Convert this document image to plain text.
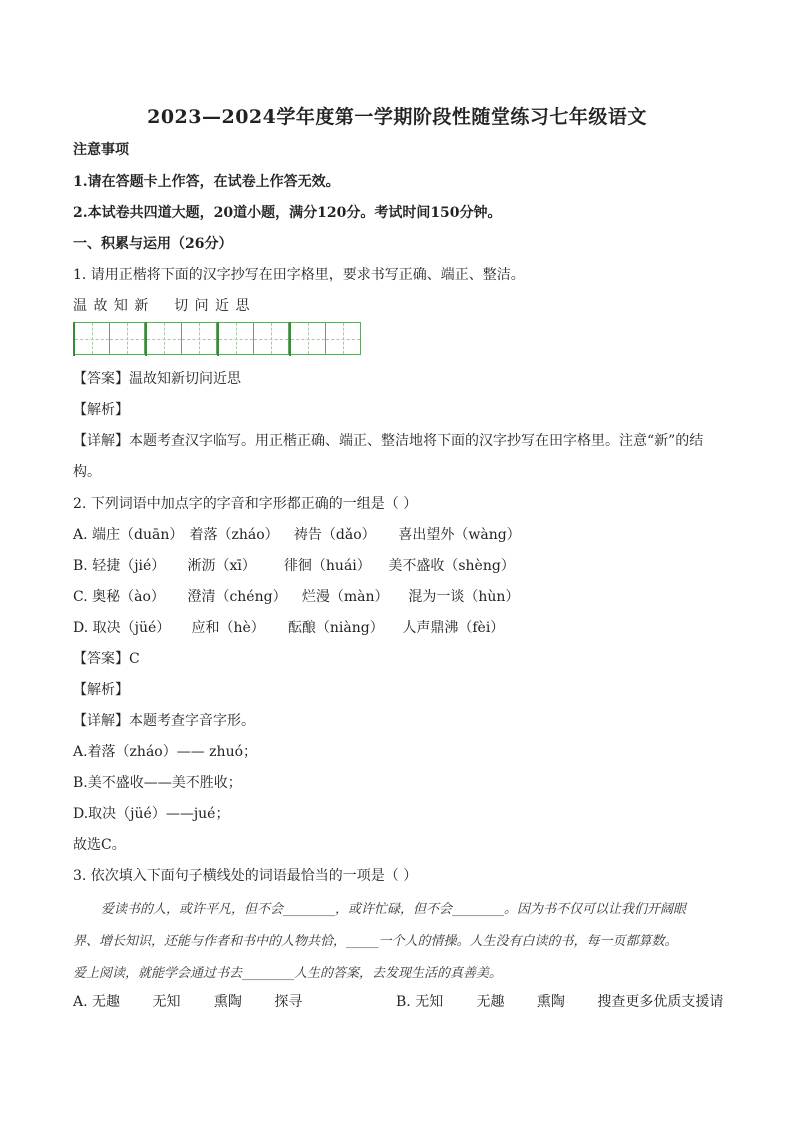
2023—2024学年度第一学期阶段性随堂练习七年级语文
注意事项
1.请在答题卡上作答，在试卷上作答无效。
2.本试卷共四道大题，20道小题，满分120分。考试时间150分钟。
一、积累与运用（26分）
1. 请用正楷将下面的汉字抄写在田字格里，要求书写正确、端正、整洁。
温 故 知 新    切 问 近 思
【答案】温故知新切问近思
【解析】
【详解】本题考查汉字临写。用正楷正确、端正、整洁地将下面的汉字抄写在田字格里。注意“新”的结
构。
2. 下列词语中加点字的字音和字形都正确的一组是（ ）
A. 端庄（duān） 着落（zháo） 祷告（dǎo） 喜出望外（wàng）
B. 轻捷（jié） 淅沥（xī） 徘徊（huái） 美不盛收（shèng）
C. 奥秘（ào） 澄清（chéng） 烂漫（màn） 混为一谈（hùn）
D. 取决（jüé） 应和（hè） 酝酿（niàng） 人声鼎沸（fèi）
【答案】C
【解析】
【详解】本题考查字音字形。
A.着落（zháo）—— zhuó；
B.美不盛收——美不胜收；
D.取决（jüé）——jué；
故选C。
3. 依次填入下面句子横线处的词语最恰当的一项是（ ）
爱读书的人，或许平凡，但不会________，或许忙碌，但不会________。因为书不仅可以让我们开阔眼
界、增长知识，还能与作者和书中的人物共恰，_____一个人的情操。人生没有白读的书，每一页都算数。
爱上阅读，就能学会通过书去________人生的答案，去发现生活的真善美。
A. 无趣 无知 熏陶 探寻	B. 无知 无趣 熏陶 搜查更多优质支援请
